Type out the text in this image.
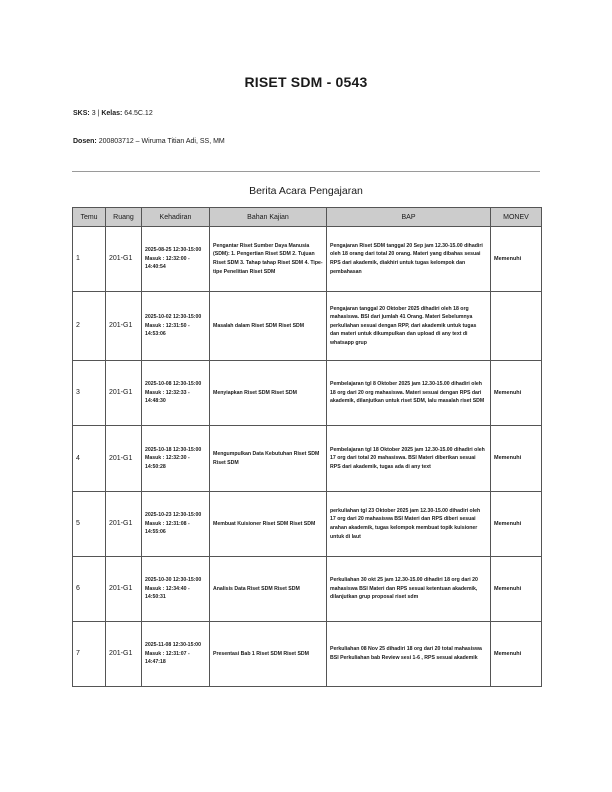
RISET SDM - 0543
SKS: 3 | Kelas: 64.5C.12
Dosen: 200803712 – Wiruma Titian Adi, SS, MM
Berita Acara Pengajaran
Temu	Ruang	Kehadiran	Bahan Kajian	BAP	MONEV
1	201-G1	2025-08-25 12:30-15:00 Masuk : 12:32:00 - 14:40:54	Pengantar Riset Sumber Daya Manusia (SDM): 1. Pengertian Riset SDM 2. Tujuan Riset SDM 3. Tahap tahap Riset SDM 4. Tipe-tipe Penelitian Riset SDM	Pengajaran Riset SDM tanggal 20 Sep jam 12.30-15.00 dihadiri oleh 18 orang dari total 20 orang. Materi yang dibahas sesuai RPS dari akademik, diakhiri untuk tugas kelompok dan pembahasan	Memenuhi
2	201-G1	2025-10-02 12:30-15:00 Masuk : 12:31:50 - 14:53:06	Masalah dalam Riset SDM Riset SDM	Pengajaran tanggal 20 Oktober 2025 dihadiri oleh 18 org mahasiswa. BSI dari jumlah 41 Orang. Materi Sebelumnya perkuliahan sesuai dengan RPP, dari akademik untuk tugas dan materi untuk dikumpulkan dan upload di any text di whatsapp grup	
3	201-G1	2025-10-08 12:30-15:00 Masuk : 12:32:33 - 14:48:30	Menyiapkan Riset SDM Riset SDM	Pembelajaran tgl 8 Oktober 2025 jam 12.30-15.00 dihadiri oleh 18 org dari 20 org mahasiswa. Materi sesuai dengan RPS dari akademik, dilanjutkan untuk riset SDM, lalu masalah riset SDM	Memenuhi
4	201-G1	2025-10-18 12:30-15:00 Masuk : 12:32:30 - 14:50:28	Mengumpulkan Data Kebutuhan Riset SDM Riset SDM	Pembelajaran tgl 18 Oktober 2025 jam 12.30-15.00 dihadiri oleh 17 org dari total 20 mahasiswa. BSI Materi diberikan sesuai RPS dari akademik, tugas ada di any text	Memenuhi
5	201-G1	2025-10-23 12:30-15:00 Masuk : 12:31:08 - 14:55:06	Membuat Kuisioner Riset SDM Riset SDM	perkuliahan tgl 23 Oktober 2025 jam 12.30-15.00 dihadiri oleh 17 org dari 20 mahasiswa BSI Materi dan RPS diberi sesuai arahan akademik, tugas kelompok membuat topik kuisioner untuk di laut	Memenuhi
6	201-G1	2025-10-30 12:30-15:00 Masuk : 12:34:40 - 14:50:31	Analisis Data Riset SDM Riset SDM	Perkuliahan 30 okt 25 jam 12.30-15.00 dihadiri 18 org dari 20 mahasiswa BSI Materi dan RPS sesuai ketentuan akademik, dilanjutkan grup proposal riset sdm	Memenuhi
7	201-G1	2025-11-08 12:30-15:00 Masuk : 12:31:07 - 14:47:18	Presentasi Bab 1 Riset SDM Riset SDM	Perkuliahan 08 Nov 25 dihadiri 18 org dari 20 total mahasiswa BSI Perkuliahan bab Review sesi 1-6 , RPS sesuai akademik	Memenuhi
